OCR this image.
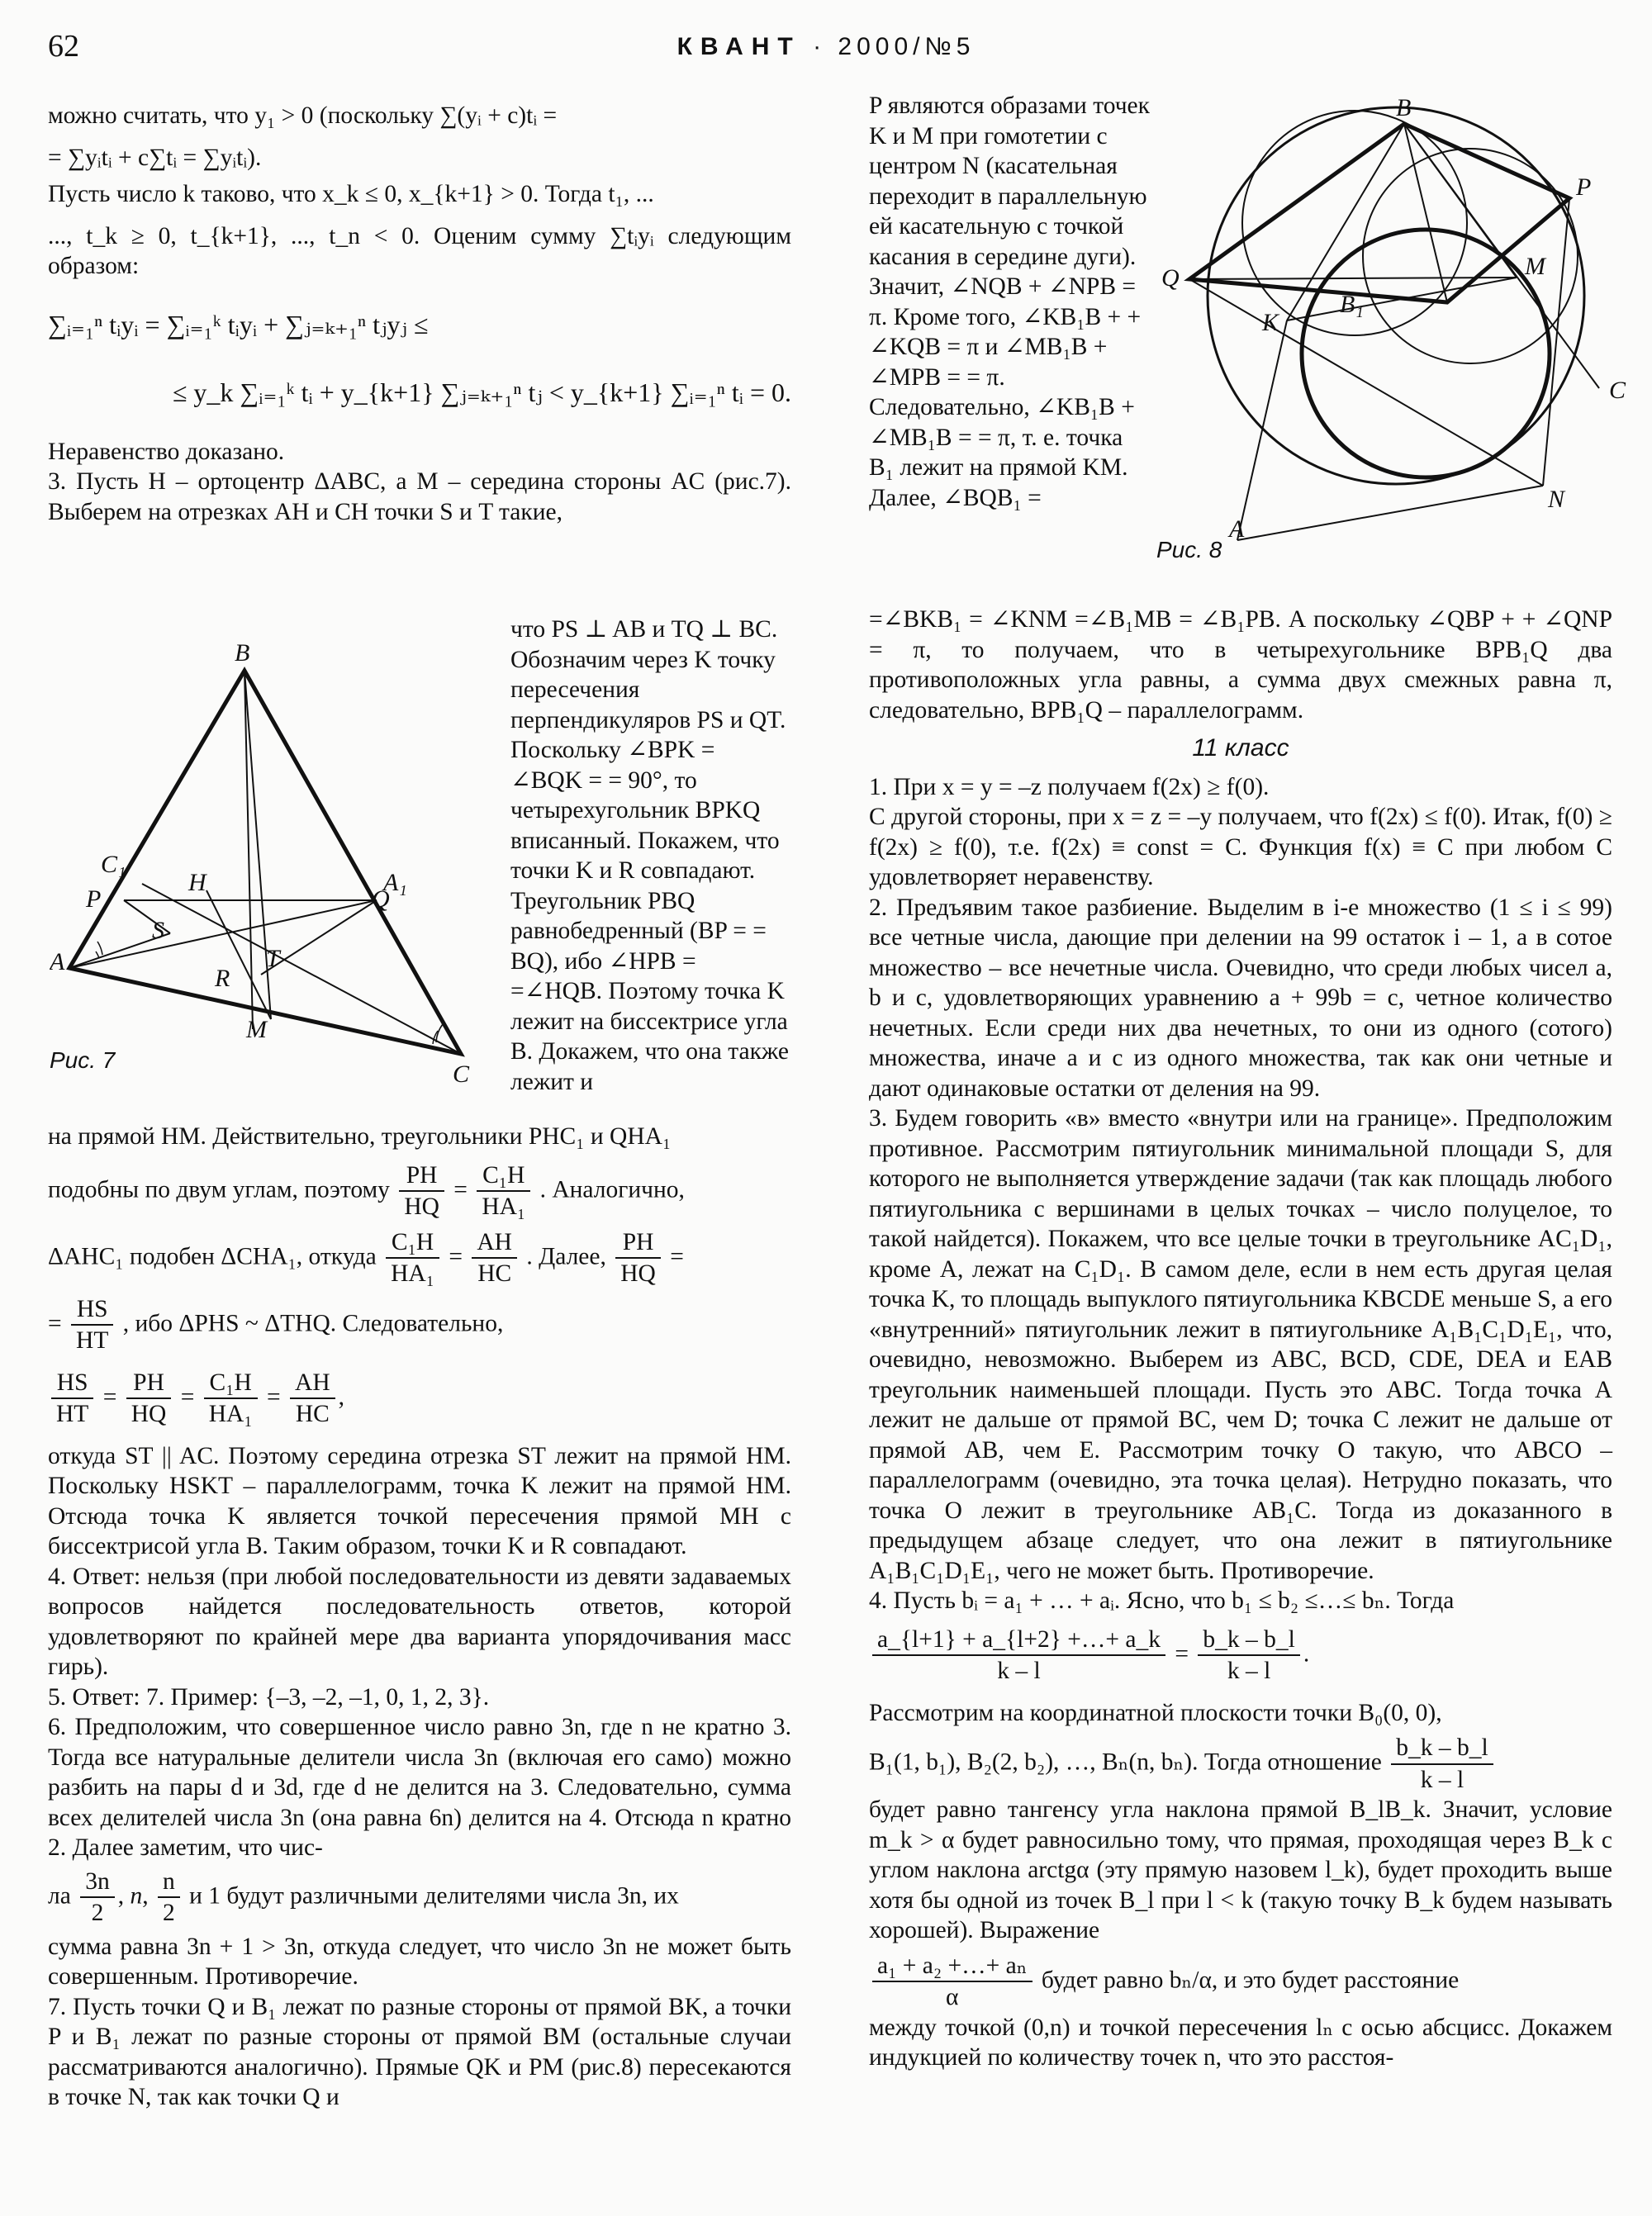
62	КВАНТ · 2000/№5

можно считать, что y₁ > 0 (поскольку ∑(yᵢ + c)tᵢ =

= ∑yᵢtᵢ + c∑tᵢ = ∑yᵢtᵢ).

Пусть число k таково, что x_k ≤ 0, x_{k+1} > 0. Тогда t₁, ...

..., t_k ≥ 0, t_{k+1}, ..., t_n < 0. Оценим сумму ∑tᵢyᵢ следующим образом:

∑ᵢ₌₁ⁿ tᵢyᵢ = ∑ᵢ₌₁ᵏ tᵢyᵢ + ∑ⱼ₌ₖ₊₁ⁿ tⱼyⱼ ≤

≤ y_k ∑ᵢ₌₁ᵏ tᵢ + y_{k+1} ∑ⱼ₌ₖ₊₁ⁿ tⱼ < y_{k+1} ∑ᵢ₌₁ⁿ tᵢ = 0.

Неравенство доказано.

3. Пусть H – ортоцентр ΔABC, а M – середина стороны AC (рис.7). Выберем на отрезках AH и CH точки S и T такие,

что PS ⊥ AB и TQ ⊥ BC. Обозначим через K точку пересечения перпендикуляров PS и QT. Поскольку ∠BPK = ∠BQK = = 90°, то четырехугольник BPKQ вписанный. Покажем, что точки K и R совпадают. Треугольник PBQ равнобедренный (BP = = BQ), ибо ∠HPB = =∠HQB. Поэтому точка K лежит на биссектрисе угла B. Докажем, что она также лежит и

B
A₁
C₁
P
H
Q
S
T
R
M
A
C
Рис. 7

на прямой HM. Действительно, треугольники PHC₁ и QHA₁

подобны по двум углам, поэтому $\frac{PH}{HQ} = \frac{\text{C₁H}}{\text{HA₁}}$ . Аналогично,

ΔAHC₁ подобен ΔCHA₁, откуда $\frac{\text{C₁H}}{\text{HA₁}} = \frac{AH}{HC}$ . Далее, $\frac{PH}{HQ}$ =

= $\frac{HS}{HT}$ , ибо ΔPHS ~ ΔTHQ. Следовательно,

$\frac{HS}{HT} = \frac{PH}{HQ} = \frac{\text{C₁H}}{\text{HA₁}} = \frac{AH}{HC}$ ,

откуда ST || AC. Поэтому середина отрезка ST лежит на прямой HM. Поскольку HSKT – параллелограмм, точка K лежит на прямой HM. Отсюда точка K является точкой пересечения прямой MH с биссектрисой угла B. Таким образом, точки K и R совпадают.

4. Ответ: нельзя (при любой последовательности из девяти задаваемых вопросов найдется последовательность ответов, которой удовлетворяют по крайней мере два варианта упорядочивания масс гирь).

5. Ответ: 7. Пример: {–3, –2, –1, 0, 1, 2, 3}.

6. Предположим, что совершенное число равно 3n, где n не кратно 3. Тогда все натуральные делители числа 3n (включая его само) можно разбить на пары d и 3d, где d не делится на 3. Следовательно, сумма всех делителей числа 3n (она равна 6n) делится на 4. Отсюда n кратно 2. Далее заметим, что чис-

ла $\frac{3n}{2}$ , n, $\frac{n}{2}$ и 1 будут различными делителями числа 3n, их

сумма равна 3n + 1 > 3n, откуда следует, что число 3n не может быть совершенным. Противоречие.

7. Пусть точки Q и B₁ лежат по разные стороны от прямой BK, а точки P и B₁ лежат по разные стороны от прямой BM (остальные случаи рассматриваются аналогично). Прямые QK и PM (рис.8) пересекаются в точке N, так как точки Q и

P являются образами точек K и M при гомотетии с центром N (касательная переходит в параллельную ей касательную с точкой касания в середине дуги). Значит, ∠NQB + ∠NPB = π. Кроме того, ∠KB₁B + + ∠KQB = π и ∠MB₁B + ∠MPB = = π. Следовательно, ∠KB₁B + ∠MB₁B = = π, т. е. точка B₁ лежит на прямой KM. Далее, ∠BQB₁ =

B
P
Q	M
K
B₁
C
N
A
Рис. 8

=∠BKB₁ = ∠KNM =∠B₁MB = ∠B₁PB. А поскольку ∠QBP + + ∠QNP = π, то получаем, что в четырехугольнике BPB₁Q два противоположных угла равны, а сумма двух смежных равна π, следовательно, BPB₁Q – параллелограмм.

11 класс

1. При x = y = –z получаем f(2x) ≥ f(0).

С другой стороны, при x = z = –y получаем, что f(2x) ≤ f(0). Итак, f(0) ≥ f(2x) ≥ f(0), т.е. f(2x) ≡ const = C. Функция f(x) ≡ C при любом C удовлетворяет неравенству.

2. Предъявим такое разбиение. Выделим в i-е множество (1 ≤ i ≤ 99) все четные числа, дающие при делении на 99 остаток i – 1, а в сотое множество – все нечетные числа. Очевидно, что среди любых чисел a, b и c, удовлетворяющих уравнению a + 99b = c, четное количество нечетных. Если среди них два нечетных, то они из одного (сотого) множества, иначе a и c из одного множества, так как они четные и дают одинаковые остатки от деления на 99.

3. Будем говорить «в» вместо «внутри или на границе». Предположим противное. Рассмотрим пятиугольник минимальной площади S, для которого не выполняется утверждение задачи (так как площадь любого пятиугольника с вершинами в целых точках – число полуцелое, то такой найдется). Покажем, что все целые точки в треугольнике AC₁D₁, кроме A, лежат на C₁D₁. В самом деле, если в нем есть другая целая точка K, то площадь выпуклого пятиугольника KBCDE меньше S, а его «внутренний» пятиугольник лежит в пятиугольнике A₁B₁C₁D₁E₁, что, очевидно, невозможно. Выберем из ABC, BCD, CDE, DEA и EAB треугольник наименьшей площади. Пусть это ABC. Тогда точка A лежит не дальше от прямой BC, чем D; точка C лежит не дальше от прямой AB, чем E. Рассмотрим точку O такую, что ABCO – параллелограмм (очевидно, эта точка целая). Нетрудно показать, что точка O лежит в треугольнике AB₁C. Тогда из доказанного в предыдущем абзаце следует, что она лежит в пятиугольнике A₁B₁C₁D₁E₁, чего не может быть. Противоречие.

4. Пусть bᵢ = a₁ + … + aᵢ. Ясно, что b₁ ≤ b₂ ≤…≤ bₙ. Тогда

$\frac{a\_\{l+1\} + a\_\{l+2\} +\dots+ a\_k}{k - l} = \frac{b\_k - b\_l}{k - l}$ .

Рассмотрим на координатной плоскости точки B₀(0, 0),

B₁(1, b₁), B₂(2, b₂), …, Bₙ(n, bₙ). Тогда отношение $\frac{b\_k - b\_l}{k - l}$

будет равно тангенсу угла наклона прямой B_lB_k. Значит, условие m_k > α будет равносильно тому, что прямая, проходящая через B_k с углом наклона arctgα (эту прямую назовем l_k), будет проходить выше хотя бы одной из точек B_l при l < k (такую точку B_k будем называть хорошей). Выражение

$\frac{\text{a₁ + a₂ +…+ aₙ}}{\alpha}$ будет равно bₙ/α, и это будет расстояние

между точкой (0,n) и точкой пересечения lₙ с осью абсцисс. Докажем индукцией по количеству точек n, что это расстоя-
